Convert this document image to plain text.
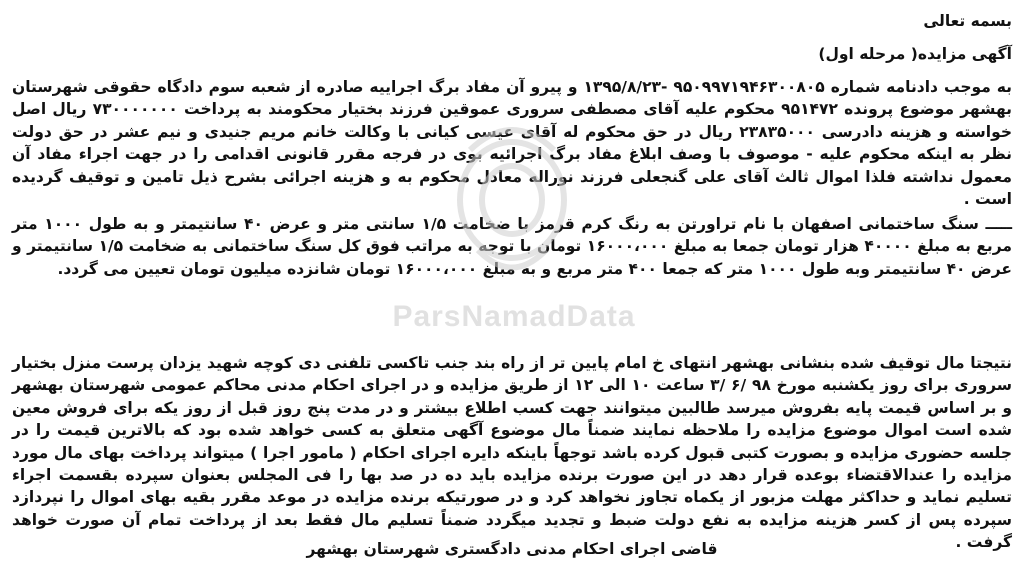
بسمه تعالی
آگهی مزایده( مرحله اول)
به موجب دادنامه شماره ۹۵۰۹۹۷۱۹۴۶۳۰۰۸۰۵ -۱۳۹۵/۸/۲۳ و پیرو آن مفاد برگ اجراییه صادره از شعبه سوم دادگاه حقوقی شهرستان بهشهر موضوع پرونده ۹۵۱۴۷۲ محکوم علیه آقای مصطفی سروری عموقین فرزند بختیار محکومند به پرداخت ۷۳۰۰۰۰۰۰۰ ریال اصل خواسته و هزینه دادرسی ۲۳۸۳۵۰۰۰ ریال در حق محکوم له آقای عیسی کیانی با وکالت خانم مریم جنیدی و نیم عشر در حق دولت نظر به اینکه محکوم علیه - موصوف با وصف ابلاغ مفاد برگ اجرائیه بوی در فرجه مقرر قانونی اقدامی را در جهت اجراء مفاد آن معمول نداشته فلذا اموال ثالث آقای علی گنجعلی فرزند نوراله معادل محکوم به و هزینه اجرائی بشرح ذیل تامین و توقیف گردیده است .
ـــــ سنگ ساختمانی اصفهان با نام تراورتن به رنگ کرم قرمز با ضخامت ۱/۵ سانتی متر و عرض ۴۰ سانتیمتر و به طول ۱۰۰۰ متر مربع به مبلغ ۴۰۰۰۰ هزار تومان جمعا به مبلغ ۱۶۰۰۰،۰۰۰ تومان با توجه به مراتب فوق کل سنگ ساختمانی به ضخامت ۱/۵ سانتیمتر و عرض ۴۰ سانتیمتر وبه طول ۱۰۰۰ متر که جمعا ۴۰۰ متر مربع و به مبلغ ۱۶۰۰۰،۰۰۰ تومان شانزده میلیون تومان تعیین می گردد.
نتیجتا مال توقیف شده بنشانی بهشهر انتهای خ امام پایین تر از راه بند جنب تاکسی تلفنی دی کوچه شهید یزدان پرست منزل بختیار سروری برای روز یکشنبه مورخ ۹۸ /۶ /۳ ساعت ۱۰ الی ۱۲ از طریق مزایده و در اجرای احکام مدنی محاکم عمومی شهرستان بهشهر و بر اساس قیمت پایه بفروش میرسد طالبین میتوانند جهت کسب اطلاع بیشتر و در مدت پنج روز قبل از روز یکه برای فروش معین شده است اموال موضوع مزایده را ملاحظه نمایند ضمناً مال موضوع آگهی متعلق به کسی خواهد شده بود که بالاترین قیمت را در جلسه حضوری مزایده و بصورت کتبی قبول کرده باشد توجهاً باینکه دایره اجرای احکام ( مامور اجرا ) میتواند پرداخت بهای مال مورد مزایده را عندالاقتضاء بوعده قرار دهد در این صورت برنده مزایده باید ده در صد بها را فی المجلس بعنوان سپرده بقسمت اجراء تسلیم نماید و حداکثر مهلت مزبور از یکماه تجاوز نخواهد کرد و در صورتیکه برنده مزایده در موعد مقرر بقیه بهای اموال را نپردازد سپرده پس از کسر هزینه مزایده به نفع دولت ضبط و تجدید میگردد ضمناً تسلیم مال فقط بعد از پرداخت تمام آن صورت خواهد گرفت .
قاضی اجرای احکام مدنی دادگستری شهرستان بهشهر
ParsNamadData
